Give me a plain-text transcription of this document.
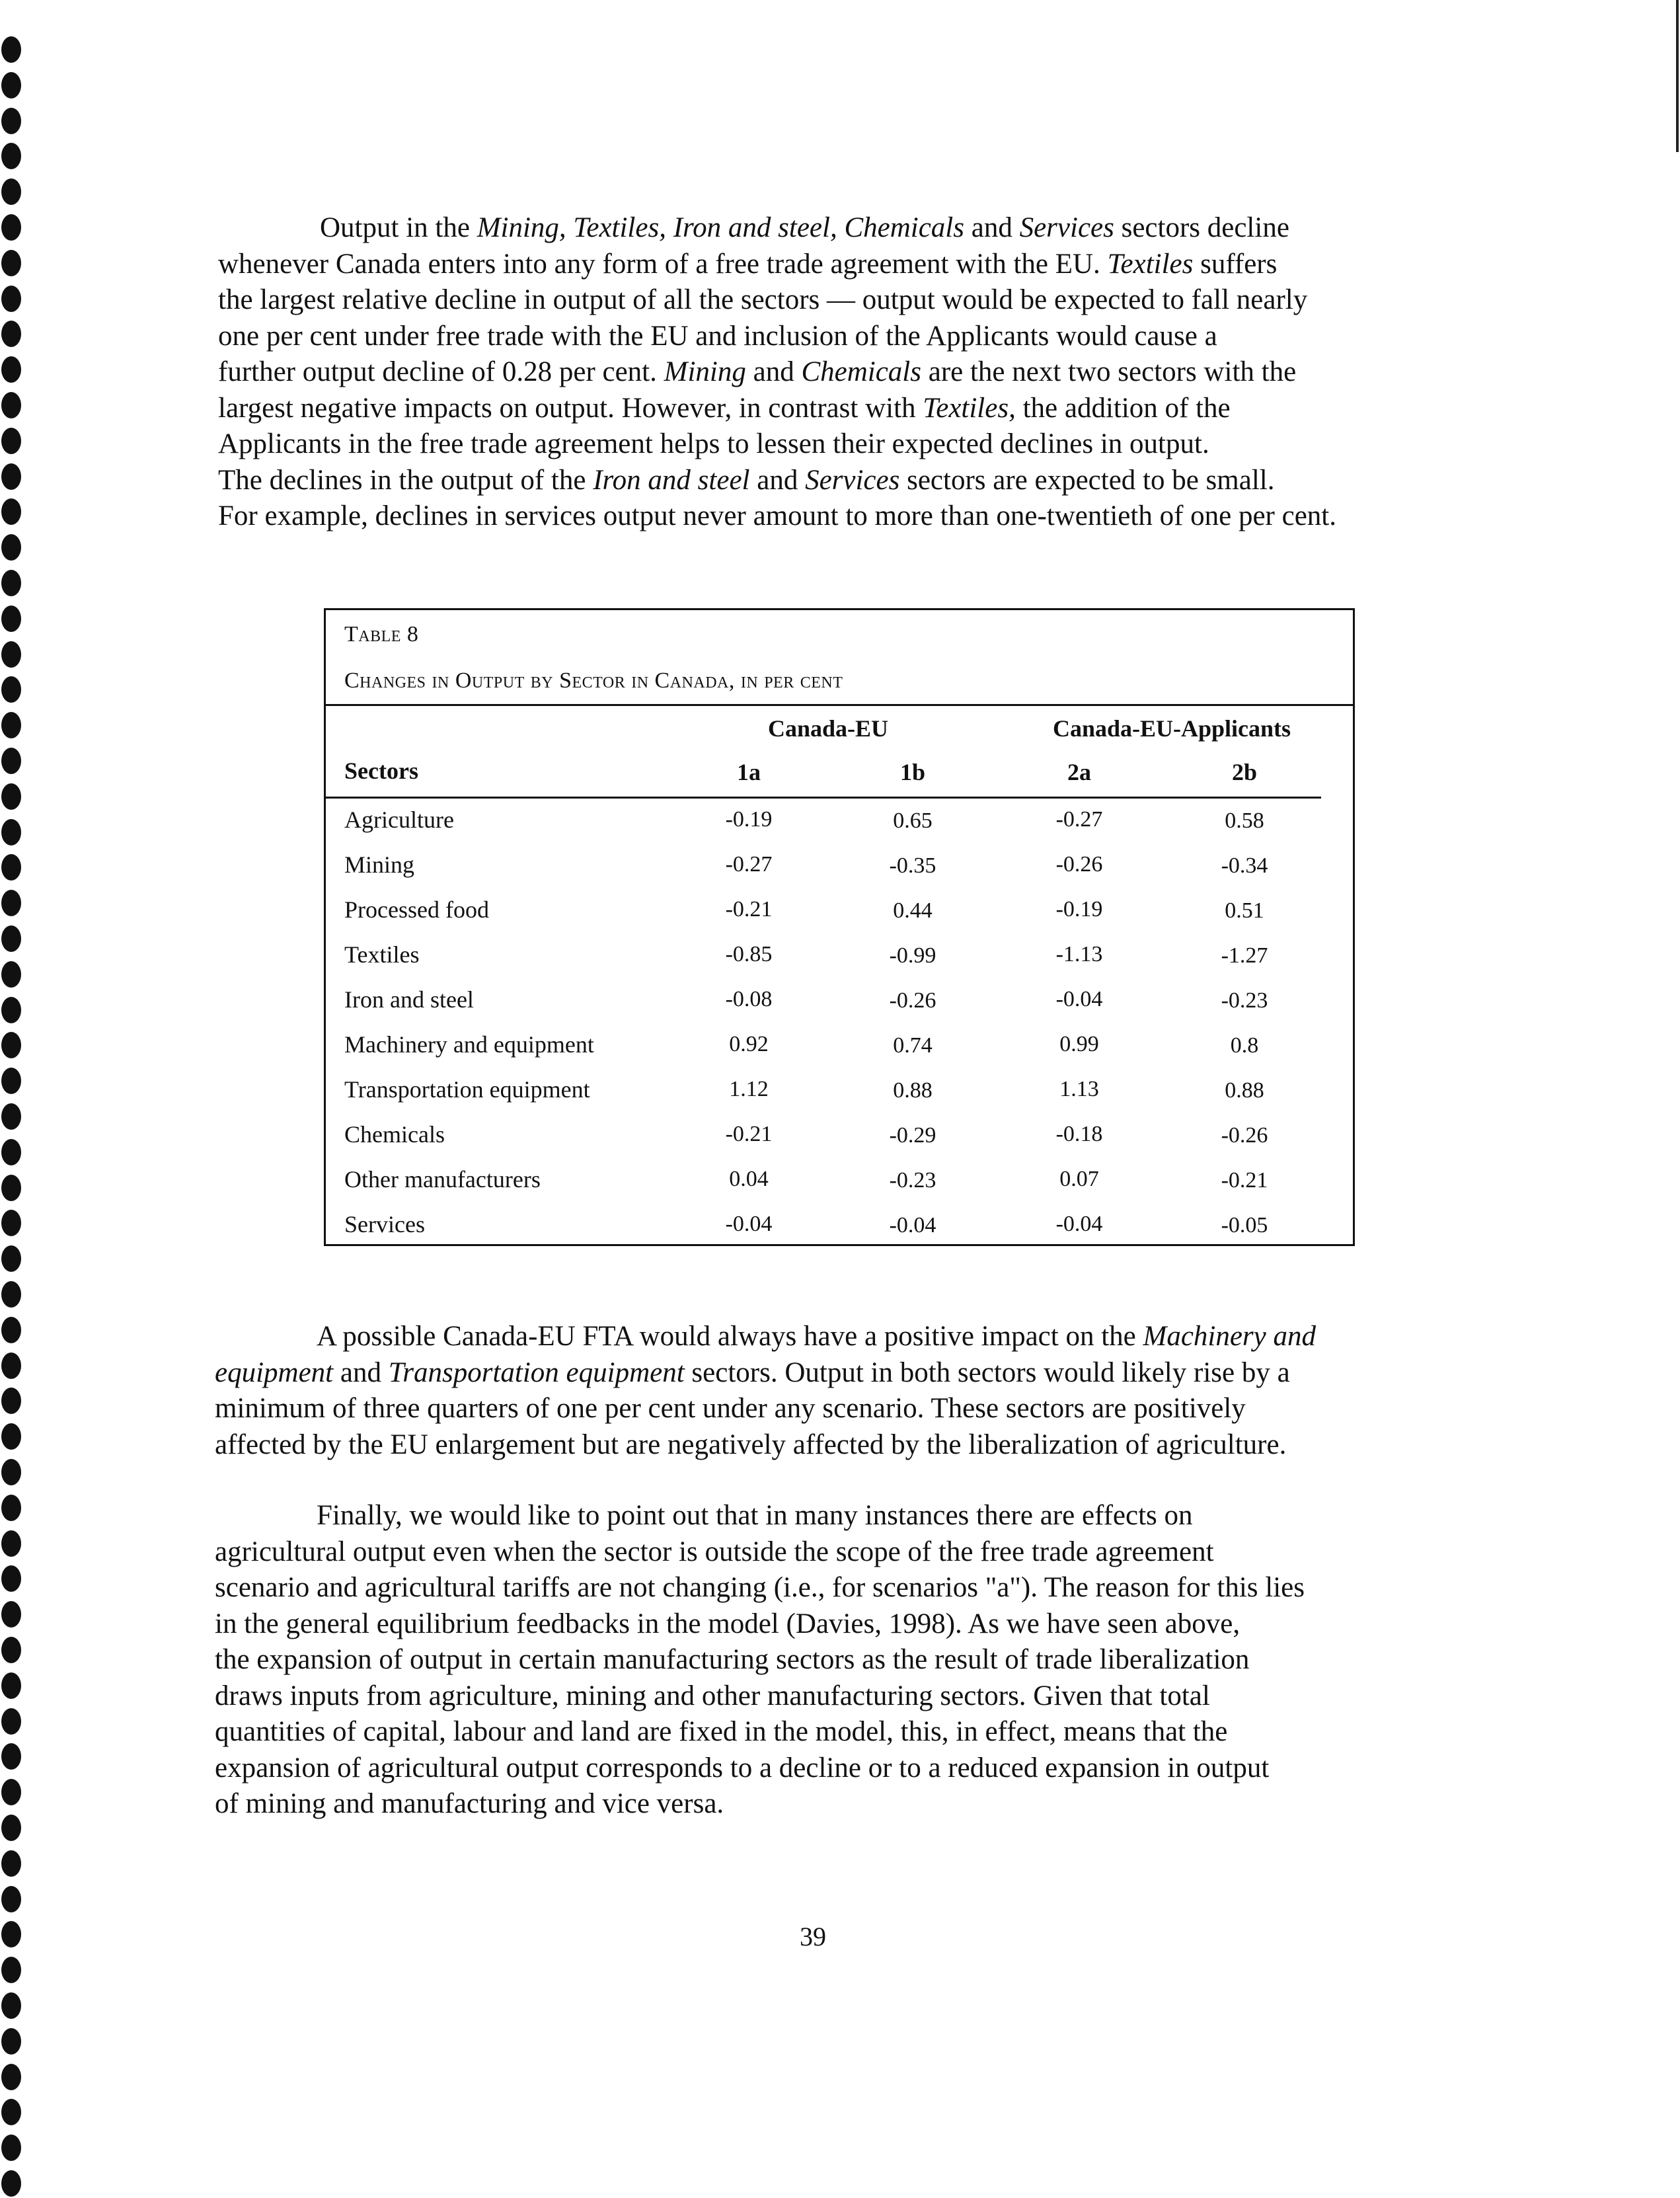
Output in the Mining, Textiles, Iron and steel, Chemicals and Services sectors decline
whenever Canada enters into any form of a free trade agreement with the EU. Textiles suffers
the largest relative decline in output of all the sectors — output would be expected to fall nearly
one per cent under free trade with the EU and inclusion of the Applicants would cause a
further output decline of 0.28 per cent. Mining and Chemicals are the next two sectors with the
largest negative impacts on output. However, in contrast with Textiles, the addition of the
Applicants in the free trade agreement helps to lessen their expected declines in output.
The declines in the output of the Iron and steel and Services sectors are expected to be small.
For example, declines in services output never amount to more than one-twentieth of one per cent.
Table 8
Changes in Output by Sector in Canada, in per cent
Canada-EU	Canada-EU-Applicants
Sectors	1a	1b	2a	2b
Agriculture	-0.19	0.65	-0.27	0.58
Mining	-0.27	-0.35	-0.26	-0.34
Processed food	-0.21	0.44	-0.19	0.51
Textiles	-0.85	-0.99	-1.13	-1.27
Iron and steel	-0.08	-0.26	-0.04	-0.23
Machinery and equipment	0.92	0.74	0.99	0.8
Transportation equipment	1.12	0.88	1.13	0.88
Chemicals	-0.21	-0.29	-0.18	-0.26
Other manufacturers	0.04	-0.23	0.07	-0.21
Services	-0.04	-0.04	-0.04	-0.05
A possible Canada-EU FTA would always have a positive impact on the Machinery and
equipment and Transportation equipment sectors. Output in both sectors would likely rise by a
minimum of three quarters of one per cent under any scenario. These sectors are positively
affected by the EU enlargement but are negatively affected by the liberalization of agriculture.
Finally, we would like to point out that in many instances there are effects on
agricultural output even when the sector is outside the scope of the free trade agreement
scenario and agricultural tariffs are not changing (i.e., for scenarios "a"). The reason for this lies
in the general equilibrium feedbacks in the model (Davies, 1998). As we have seen above,
the expansion of output in certain manufacturing sectors as the result of trade liberalization
draws inputs from agriculture, mining and other manufacturing sectors. Given that total
quantities of capital, labour and land are fixed in the model, this, in effect, means that the
expansion of agricultural output corresponds to a decline or to a reduced expansion in output
of mining and manufacturing and vice versa.
39
